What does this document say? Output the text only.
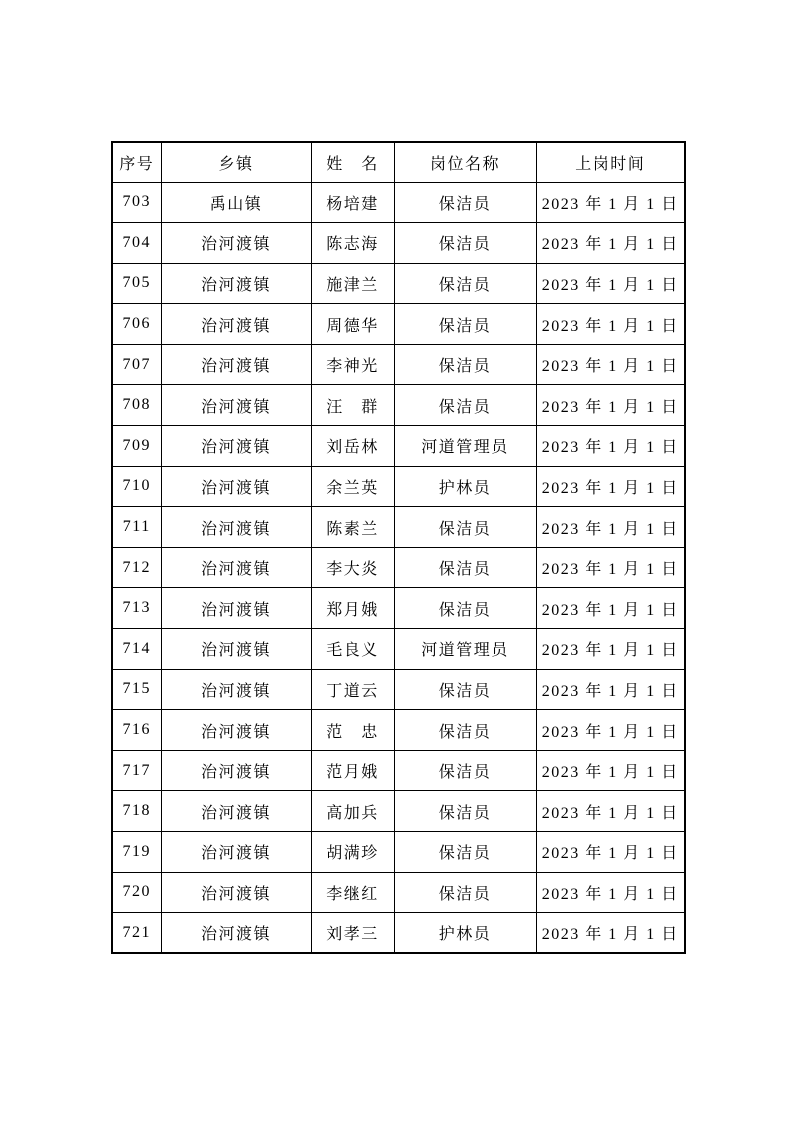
序号	乡镇	姓　名	岗位名称	上岗时间
703	禹山镇	杨培建	保洁员	2023 年 1 月 1 日
704	治河渡镇	陈志海	保洁员	2023 年 1 月 1 日
705	治河渡镇	施津兰	保洁员	2023 年 1 月 1 日
706	治河渡镇	周德华	保洁员	2023 年 1 月 1 日
707	治河渡镇	李神光	保洁员	2023 年 1 月 1 日
708	治河渡镇	汪　群	保洁员	2023 年 1 月 1 日
709	治河渡镇	刘岳林	河道管理员	2023 年 1 月 1 日
710	治河渡镇	余兰英	护林员	2023 年 1 月 1 日
711	治河渡镇	陈素兰	保洁员	2023 年 1 月 1 日
712	治河渡镇	李大炎	保洁员	2023 年 1 月 1 日
713	治河渡镇	郑月娥	保洁员	2023 年 1 月 1 日
714	治河渡镇	毛良义	河道管理员	2023 年 1 月 1 日
715	治河渡镇	丁道云	保洁员	2023 年 1 月 1 日
716	治河渡镇	范　忠	保洁员	2023 年 1 月 1 日
717	治河渡镇	范月娥	保洁员	2023 年 1 月 1 日
718	治河渡镇	高加兵	保洁员	2023 年 1 月 1 日
719	治河渡镇	胡满珍	保洁员	2023 年 1 月 1 日
720	治河渡镇	李继红	保洁员	2023 年 1 月 1 日
721	治河渡镇	刘孝三	护林员	2023 年 1 月 1 日
